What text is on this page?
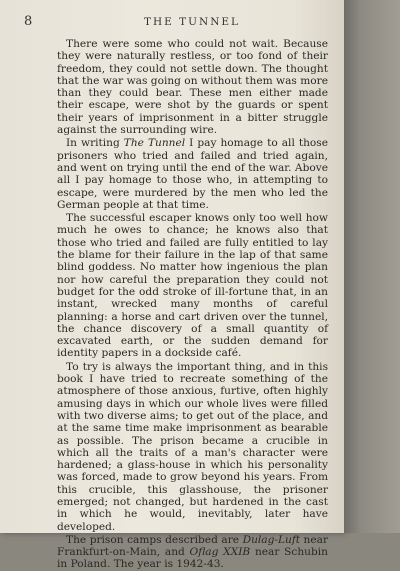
8	THE TUNNEL

There were some who could not wait. Because they were naturally restless, or too fond of their freedom, they could not settle down. The thought that the war was going on without them was more than they could bear. These men either made their escape, were shot by the guards or spent their years of imprisonment in a bitter struggle against the surrounding wire.

In writing The Tunnel I pay homage to all those prisoners who tried and failed and tried again, and went on trying until the end of the war. Above all I pay homage to those who, in attempting to escape, were murdered by the men who led the German people at that time.

The successful escaper knows only too well how much he owes to chance; he knows also that those who tried and failed are fully entitled to lay the blame for their failure in the lap of that same blind goddess. No matter how ingenious the plan nor how careful the preparation they could not budget for the odd stroke of ill-fortune that, in an instant, wrecked many months of careful planning: a horse and cart driven over the tunnel, the chance discovery of a small quantity of excavated earth, or the sudden demand for identity papers in a dockside café.

To try is always the important thing, and in this book I have tried to recreate something of the atmosphere of those anxious, furtive, often highly amusing days in which our whole lives were filled with two diverse aims; to get out of the place, and at the same time make imprisonment as bearable as possible. The prison became a crucible in which all the traits of a man's character were hardened; a glass-house in which his personality was forced, made to grow beyond his years. From this crucible, this glasshouse, the prisoner emerged; not changed, but hardened in the cast in which he would, inevitably, later have developed.

The prison camps described are Dulag-Luft near Frankfurt-on-Main, and Oflag XXIB near Schubin in Poland. The year is 1942-43.
